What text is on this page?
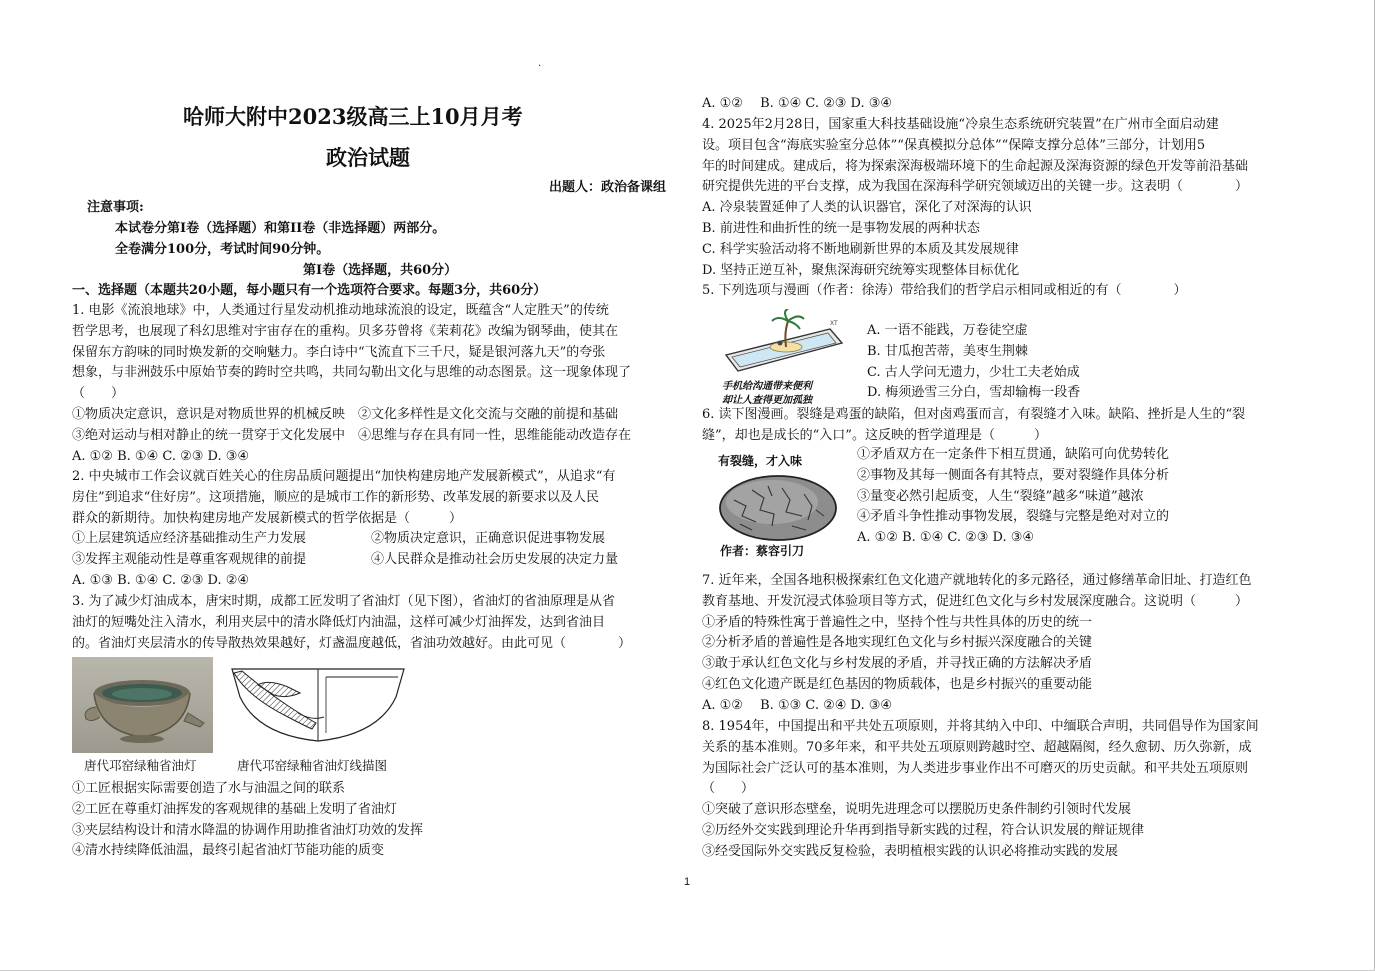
.
哈师大附中2023级高三上10月月考
政治试题
出题人：政治备课组
注意事项:
本试卷分第I卷（选择题）和第II卷（非选择题）两部分。
全卷满分100分，考试时间90分钟。
第I卷（选择题，共60分）
一、选择题（本题共20小题，每小题只有一个选项符合要求。每题3分，共60分）
1. 电影《流浪地球》中，人类通过行星发动机推动地球流浪的设定，既蕴含“人定胜天”的传统
哲学思考，也展现了科幻思维对宇宙存在的重构。贝多芬曾将《茉莉花》改编为钢琴曲，使其在
保留东方韵味的同时焕发新的交响魅力。李白诗中“飞流直下三千尺，疑是银河落九天”的夸张
想象，与非洲鼓乐中原始节奏的跨时空共鸣，共同勾勒出文化与思维的动态图景。这一现象体现了
（　　）
①物质决定意识，意识是对物质世界的机械反映　②文化多样性是文化交流与交融的前提和基础
③绝对运动与相对静止的统一贯穿于文化发展中　④思维与存在具有同一性，思维能能动改造存在
A. ①② B. ①④ C. ②③ D. ③④
2. 中央城市工作会议就百姓关心的住房品质问题提出“加快构建房地产发展新模式”，从追求“有
房住”到追求“住好房”。这项措施，顺应的是城市工作的新形势、改革发展的新要求以及人民
群众的新期待。加快构建房地产发展新模式的哲学依据是（　　　）
①上层建筑适应经济基础推动生产力发展　　　　　②物质决定意识，正确意识促进事物发展
③发挥主观能动性是尊重客观规律的前提　　　　　④人民群众是推动社会历史发展的决定力量
A. ①③ B. ①④ C. ②③ D. ②④
3. 为了减少灯油成本，唐宋时期，成都工匠发明了省油灯（见下图），省油灯的省油原理是从省
油灯的短嘴处注入清水，利用夹层中的清水降低灯内油温，这样可减少灯油挥发，达到省油目
的。省油灯夹层清水的传导散热效果越好，灯盏温度越低，省油功效越好。由此可见（　　　　）
唐代邛窑绿釉省油灯	唐代邛窑绿釉省油灯线描图
①工匠根据实际需要创造了水与油温之间的联系
②工匠在尊重灯油挥发的客观规律的基础上发明了省油灯
③夹层结构设计和清水降温的协调作用助推省油灯功效的发挥
④清水持续降低油温，最终引起省油灯节能功能的质变
A. ①②　 B. ①④ C. ②③ D. ③④
4. 2025年2月28日，国家重大科技基础设施“冷泉生态系统研究装置”在广州市全面启动建
设。项目包含“海底实验室分总体”“保真模拟分总体”“保障支撑分总体”三部分，计划用5
年的时间建成。建成后，将为探索深海极端环境下的生命起源及深海资源的绿色开发等前沿基础
研究提供先进的平台支撑，成为我国在深海科学研究领域迈出的关键一步。这表明（　　　　）
A. 冷泉装置延伸了人类的认识器官，深化了对深海的认识
B. 前进性和曲折性的统一是事物发展的两种状态
C. 科学实验活动将不断地刷新世界的本质及其发展规律
D. 坚持正逆互补，聚焦深海研究统筹实现整体目标优化
5. 下列选项与漫画（作者：徐涛）带给我们的哲学启示相同或相近的有（　　　　）
XT
手机给沟通带来便利
却让人查得更加孤独
A. 一语不能践，万卷徒空虚
B. 甘瓜抱苦蒂，美枣生荆棘
C. 古人学问无遗力，少壮工夫老始成
D. 梅须逊雪三分白，雪却输梅一段香
6. 读下图漫画。裂缝是鸡蛋的缺陷，但对卤鸡蛋而言，有裂缝才入味。缺陷、挫折是人生的“裂
缝”，却也是成长的“入口”。这反映的哲学道理是（　　　）
有裂缝，才入味
作者：蔡容引刀
①矛盾双方在一定条件下相互贯通，缺陷可向优势转化
②事物及其每一侧面各有其特点，要对裂缝作具体分析
③量变必然引起质变，人生“裂缝”越多“味道”越浓
④矛盾斗争性推动事物发展，裂缝与完整是绝对对立的
A. ①② B. ①④ C. ②③ D. ③④
7. 近年来，全国各地积极探索红色文化遗产就地转化的多元路径，通过修缮革命旧址、打造红色
教育基地、开发沉浸式体验项目等方式，促进红色文化与乡村发展深度融合。这说明（　　　）
①矛盾的特殊性寓于普遍性之中，坚持个性与共性具体的历史的统一
②分析矛盾的普遍性是各地实现红色文化与乡村振兴深度融合的关键
③敢于承认红色文化与乡村发展的矛盾，并寻找正确的方法解决矛盾
④红色文化遗产既是红色基因的物质载体，也是乡村振兴的重要动能
A. ①②　 B. ①③ C. ②④ D. ③④
8. 1954年，中国提出和平共处五项原则，并将其纳入中印、中缅联合声明，共同倡导作为国家间
关系的基本准则。70多年来，和平共处五项原则跨越时空、超越隔阂，经久愈韧、历久弥新，成
为国际社会广泛认可的基本准则，为人类进步事业作出不可磨灭的历史贡献。和平共处五项原则
（　　）
①突破了意识形态壁垒，说明先进理念可以摆脱历史条件制约引领时代发展
②历经外交实践到理论升华再到指导新实践的过程，符合认识发展的辩证规律
③经受国际外交实践反复检验，表明植根实践的认识必将推动实践的发展
1
